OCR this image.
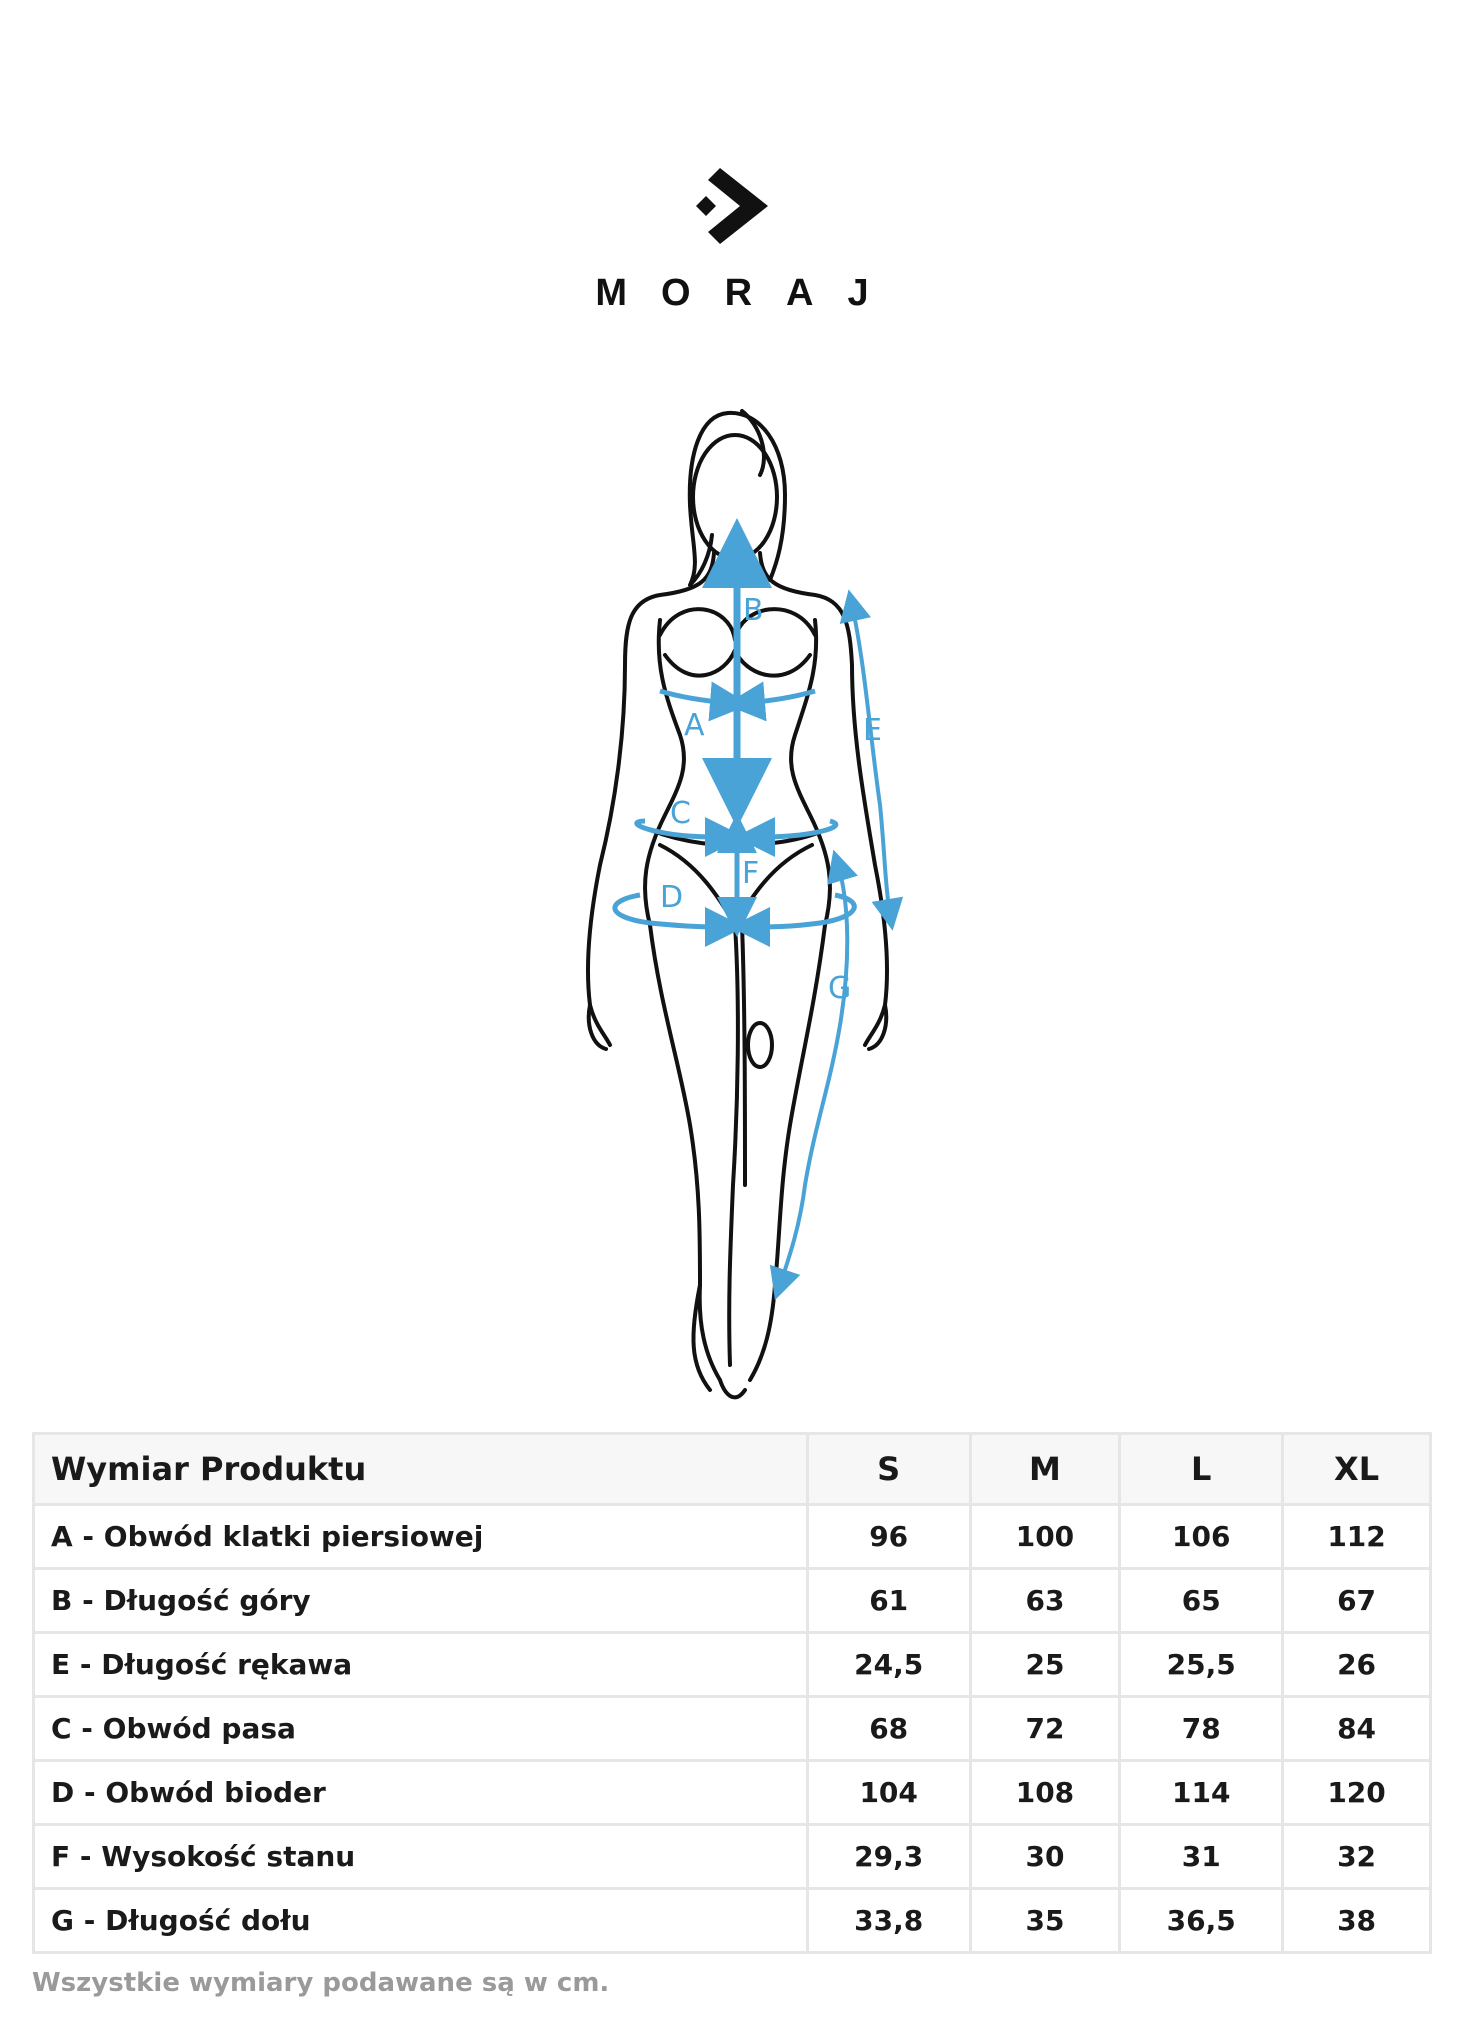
MORAJ
B
A
C
D
E
F
G
Wymiar Produktu	S	M	L	XL
A - Obwód klatki piersiowej	96	100	106	112
B - Długość góry	61	63	65	67
E - Długość rękawa	24,5	25	25,5	26
C - Obwód pasa	68	72	78	84
D - Obwód bioder	104	108	114	120
F - Wysokość stanu	29,3	30	31	32
G - Długość dołu	33,8	35	36,5	38
Wszystkie wymiary podawane są w cm.
